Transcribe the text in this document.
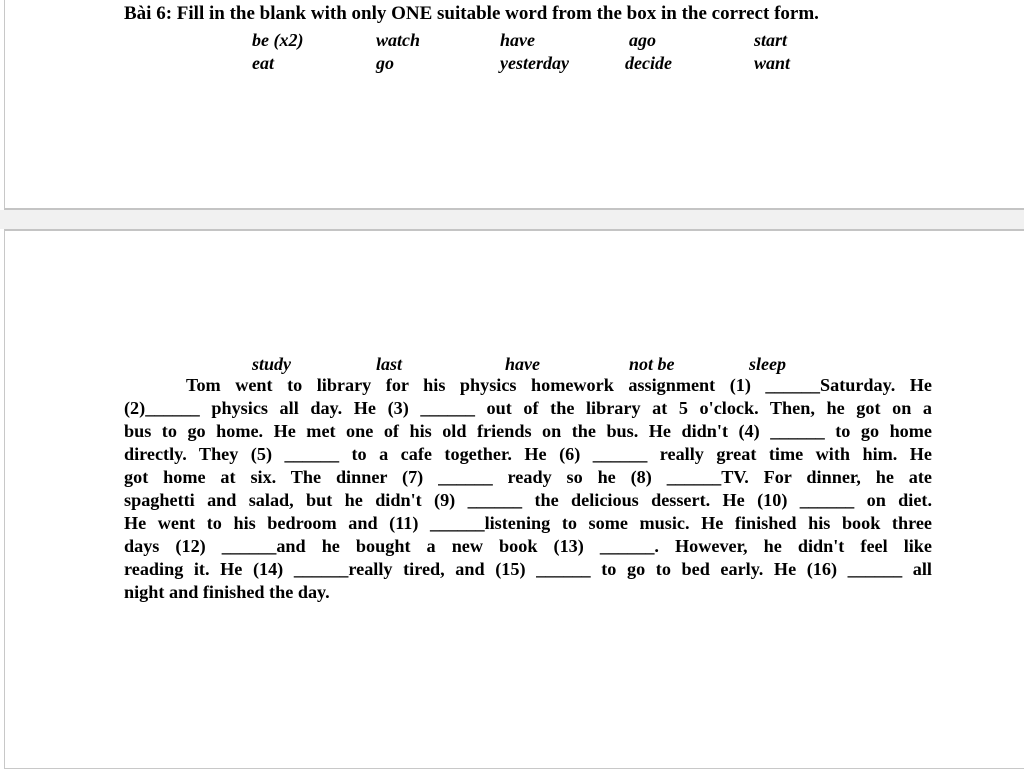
Bài 6: Fill in the blank with only ONE suitable word from the box in the correct form.
be (x2)	watch	have	ago	start
eat	go	yesterday	decide	want
study	last	have	not be	sleep
Tom went to library for his physics homework assignment (1) ______Saturday. He
(2)______ physics all day. He (3) ______ out of the library at 5 o'clock. Then, he got on a
bus to go home. He met one of his old friends on the bus. He didn't (4) ______ to go home
directly. They (5) ______ to a cafe together. He (6) ______ really great time with him. He
got home at six. The dinner (7) ______ ready so he (8) ______TV. For dinner, he ate
spaghetti and salad, but he didn't (9) ______ the delicious dessert. He (10) ______ on diet.
He went to his bedroom and (11) ______listening to some music. He finished his book three
days (12) ______and he bought a new book (13) ______. However, he didn't feel like
reading it. He (14) ______really tired, and (15) ______ to go to bed early. He (16) ______ all
night and finished the day.
